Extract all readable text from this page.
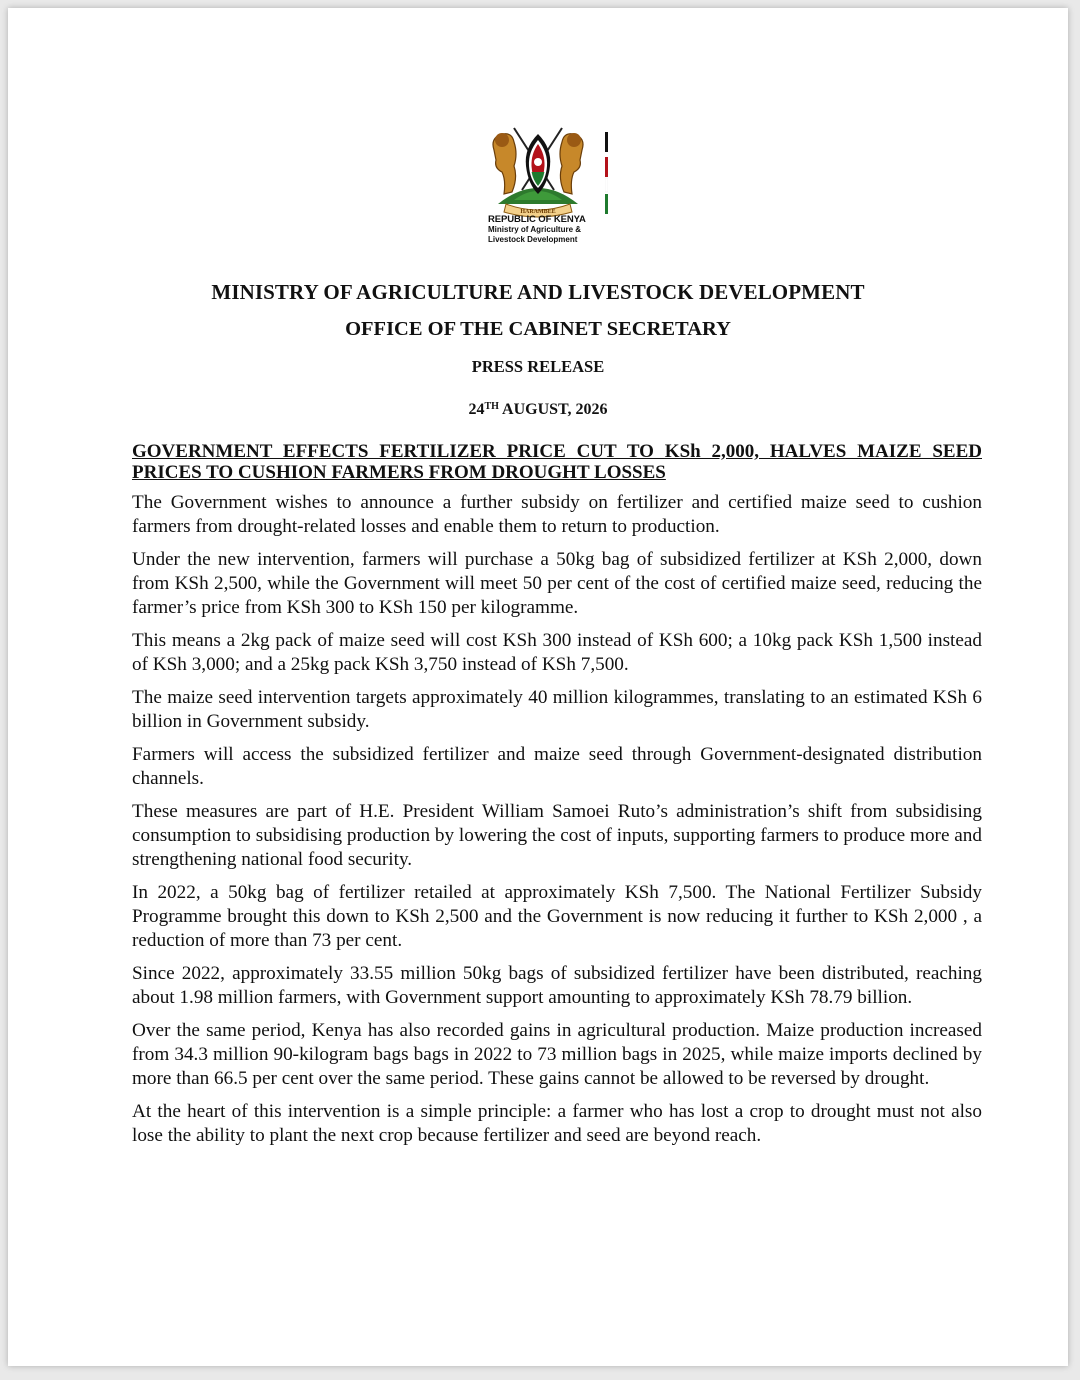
HARAMBEE
REPUBLIC OF KENYA
Ministry of Agriculture &
Livestock Development
MINISTRY OF AGRICULTURE AND LIVESTOCK DEVELOPMENT
OFFICE OF THE CABINET SECRETARY
PRESS RELEASE
24TH AUGUST, 2026

GOVERNMENT EFFECTS FERTILIZER PRICE CUT TO KSh 2,000, HALVES MAIZE SEED PRICES TO CUSHION FARMERS FROM DROUGHT LOSSES

The Government wishes to announce a further subsidy on fertilizer and certified maize seed to cushion farmers from drought-related losses and enable them to return to production.

Under the new intervention, farmers will purchase a 50kg bag of subsidized fertilizer at KSh 2,000, down from KSh 2,500, while the Government will meet 50 per cent of the cost of certified maize seed, reducing the farmer’s price from KSh 300 to KSh 150 per kilogramme.

This means a 2kg pack of maize seed will cost KSh 300 instead of KSh 600; a 10kg pack KSh 1,500 instead of KSh 3,000; and a 25kg pack KSh 3,750 instead of KSh 7,500.

The maize seed intervention targets approximately 40 million kilogrammes, translating to an estimated KSh 6 billion in Government subsidy.

Farmers will access the subsidized fertilizer and maize seed through Government-designated distribution channels.

These measures are part of H.E. President William Samoei Ruto’s administration’s shift from subsidising consumption to subsidising production by lowering the cost of inputs, supporting farmers to produce more and strengthening national food security.

In 2022, a 50kg bag of fertilizer retailed at approximately KSh 7,500. The National Fertilizer Subsidy Programme brought this down to KSh 2,500 and the Government is now reducing it further to KSh 2,000 , a reduction of more than 73 per cent.

Since 2022, approximately 33.55 million 50kg bags of subsidized fertilizer have been distributed, reaching about 1.98 million farmers, with Government support amounting to approximately KSh 78.79 billion.

Over the same period, Kenya has also recorded gains in agricultural production. Maize production increased from 34.3 million 90-kilogram bags bags in 2022 to 73 million bags in 2025, while maize imports declined by more than 66.5 per cent over the same period. These gains cannot be allowed to be reversed by drought.

At the heart of this intervention is a simple principle: a farmer who has lost a crop to drought must not also lose the ability to plant the next crop because fertilizer and seed are beyond reach.
